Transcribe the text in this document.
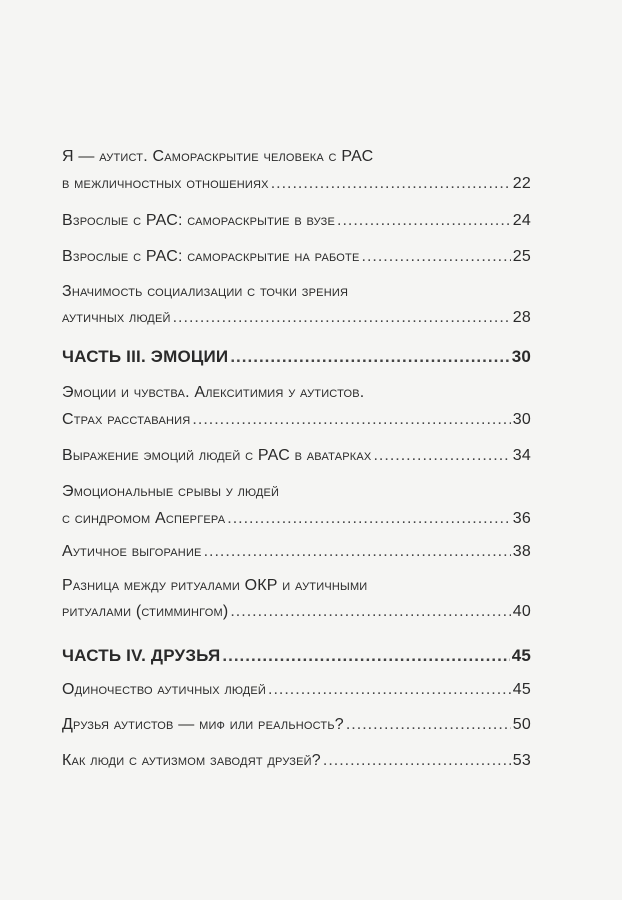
Я — аутист. Самораскрытие человека с РАС
в межличностных отношениях .....	22
Взрослые с РАС: самораскрытие в вузе .....	24
Взрослые с РАС: самораскрытие на работе .....	25
Значимость социализации с точки зрения
аутичных людей .....	28
ЧАСТЬ III. ЭМОЦИИ .....	30
Эмоции и чувства. Алекситимия у аутистов.
Страх расставания .....	30
Выражение эмоций людей с РАС в аватарках .....	34
Эмоциональные срывы у людей
с синдромом Аспергера .....	36
Аутичное выгорание .....	38
Разница между ритуалами ОКР и аутичными
ритуалами (стиммингом) .....	40
ЧАСТЬ IV. ДРУЗЬЯ .....	45
Одиночество аутичных людей .....	45
Друзья аутистов — миф или реальность? .....	50
Как люди с аутизмом заводят друзей? .....	53
